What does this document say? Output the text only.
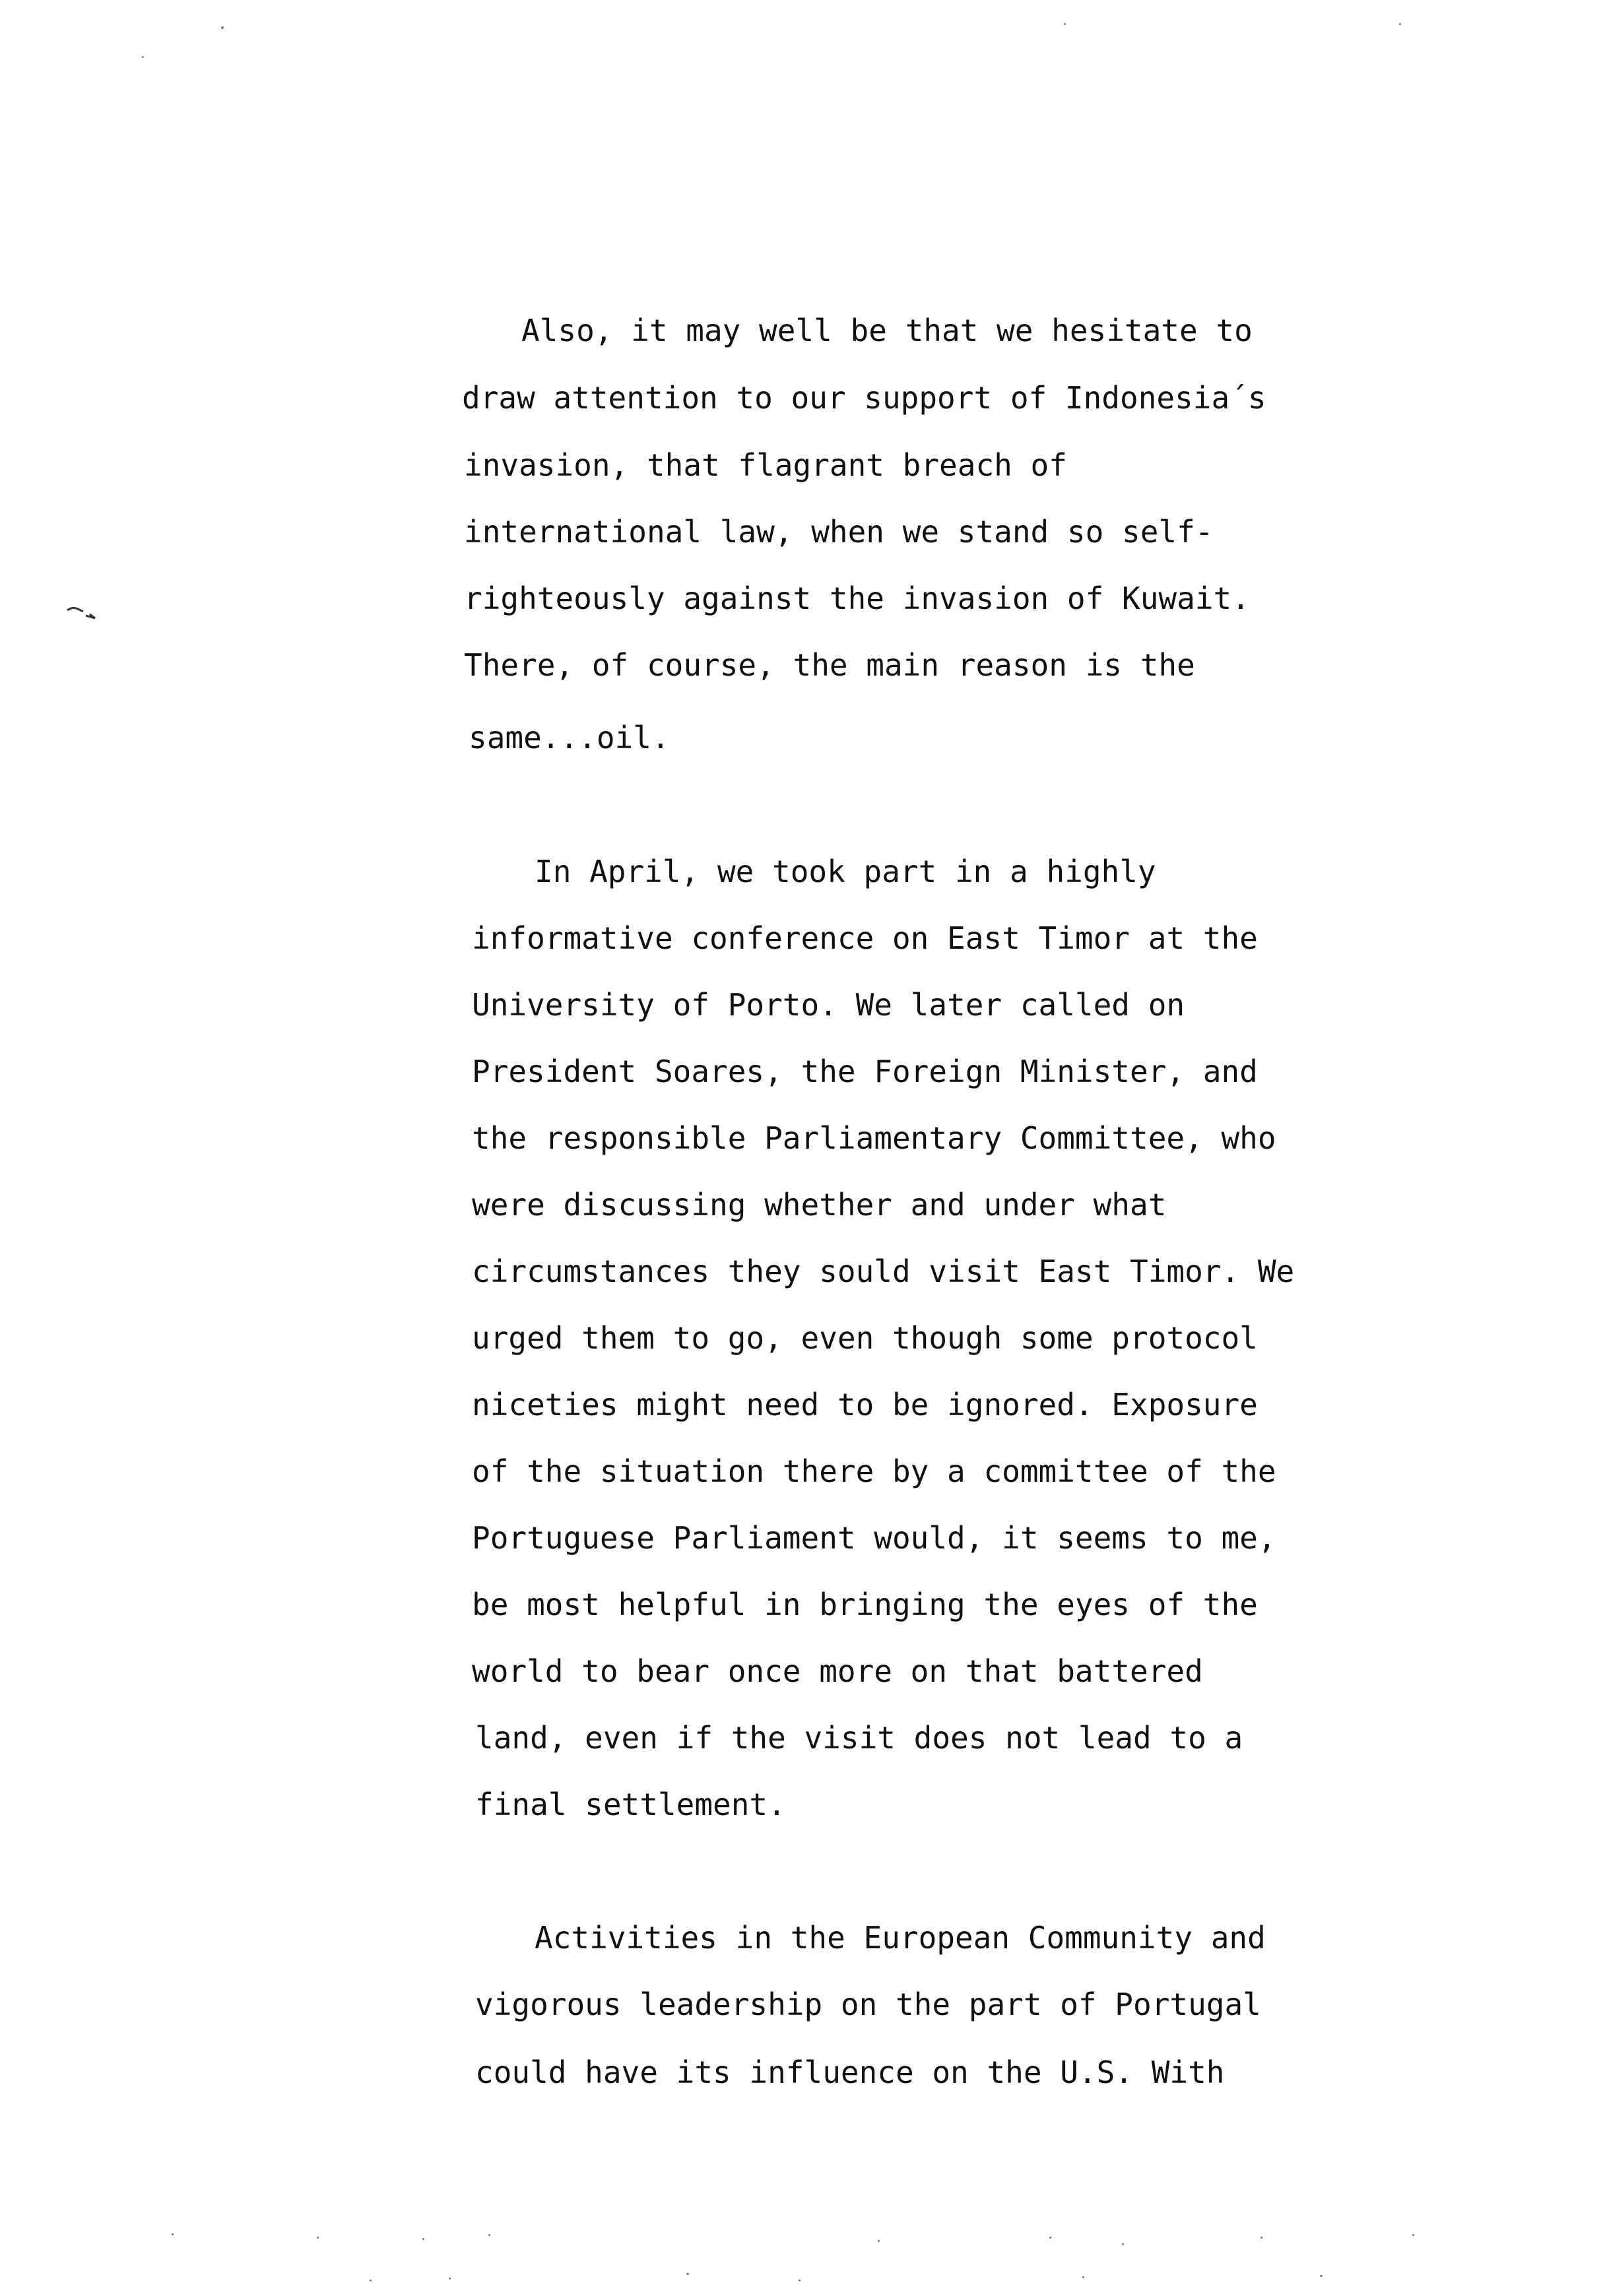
Also, it may well be that we hesitate to
draw attention to our support of Indonesia´s
invasion, that flagrant breach of
international law, when we stand so self-
righteously against the invasion of Kuwait.
There, of course, the main reason is the
same...oil.
In April, we took part in a highly
informative conference on East Timor at the
University of Porto. We later called on
President Soares, the Foreign Minister, and
the responsible Parliamentary Committee, who
were discussing whether and under what
circumstances they sould visit East Timor. We
urged them to go, even though some protocol
niceties might need to be ignored. Exposure
of the situation there by a committee of the
Portuguese Parliament would, it seems to me,
be most helpful in bringing the eyes of the
world to bear once more on that battered
land, even if the visit does not lead to a
final settlement.
Activities in the European Community and
vigorous leadership on the part of Portugal
could have its influence on the U.S. With
